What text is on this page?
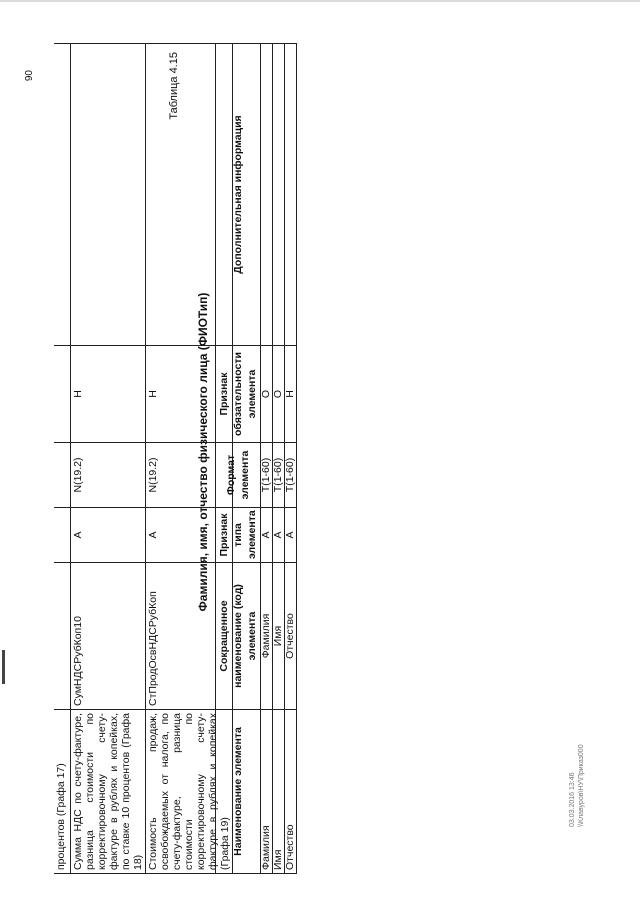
90
процентов (Графа 17)					
Сумма НДС по счету-фактуре, разница стоимости по корректировочному счету-фактуре в рублях и копейках, по ставке 10 процентов (Графа 18)	СумНДСРубКоп10	А	N(19.2)	Н	
Стоимость продаж, освобождаемых от налога, по счету-фактуре, разница стоимости по корректировочному счету-фактуре в рублях и копейках (Графа 19)	СтПродОсвНДСРубКоп	А	N(19.2)	Н	
Таблица 4.15
Фамилия, имя, отчество физического лица (ФИОТип)
Наименование элемента	Сокращенное наименование (код) элемента	Признак типа элемента	Формат элемента	Признак обязательности элемента	Дополнительная информация
Фамилия	Фамилия	А	T(1-60)	О	
Имя	Имя	А	T(1-60)	О	
Отчество	Отчество	А	T(1-60)	Н	
03.03.2016 13:46 \\Клавуров\НУ\Приказ000
